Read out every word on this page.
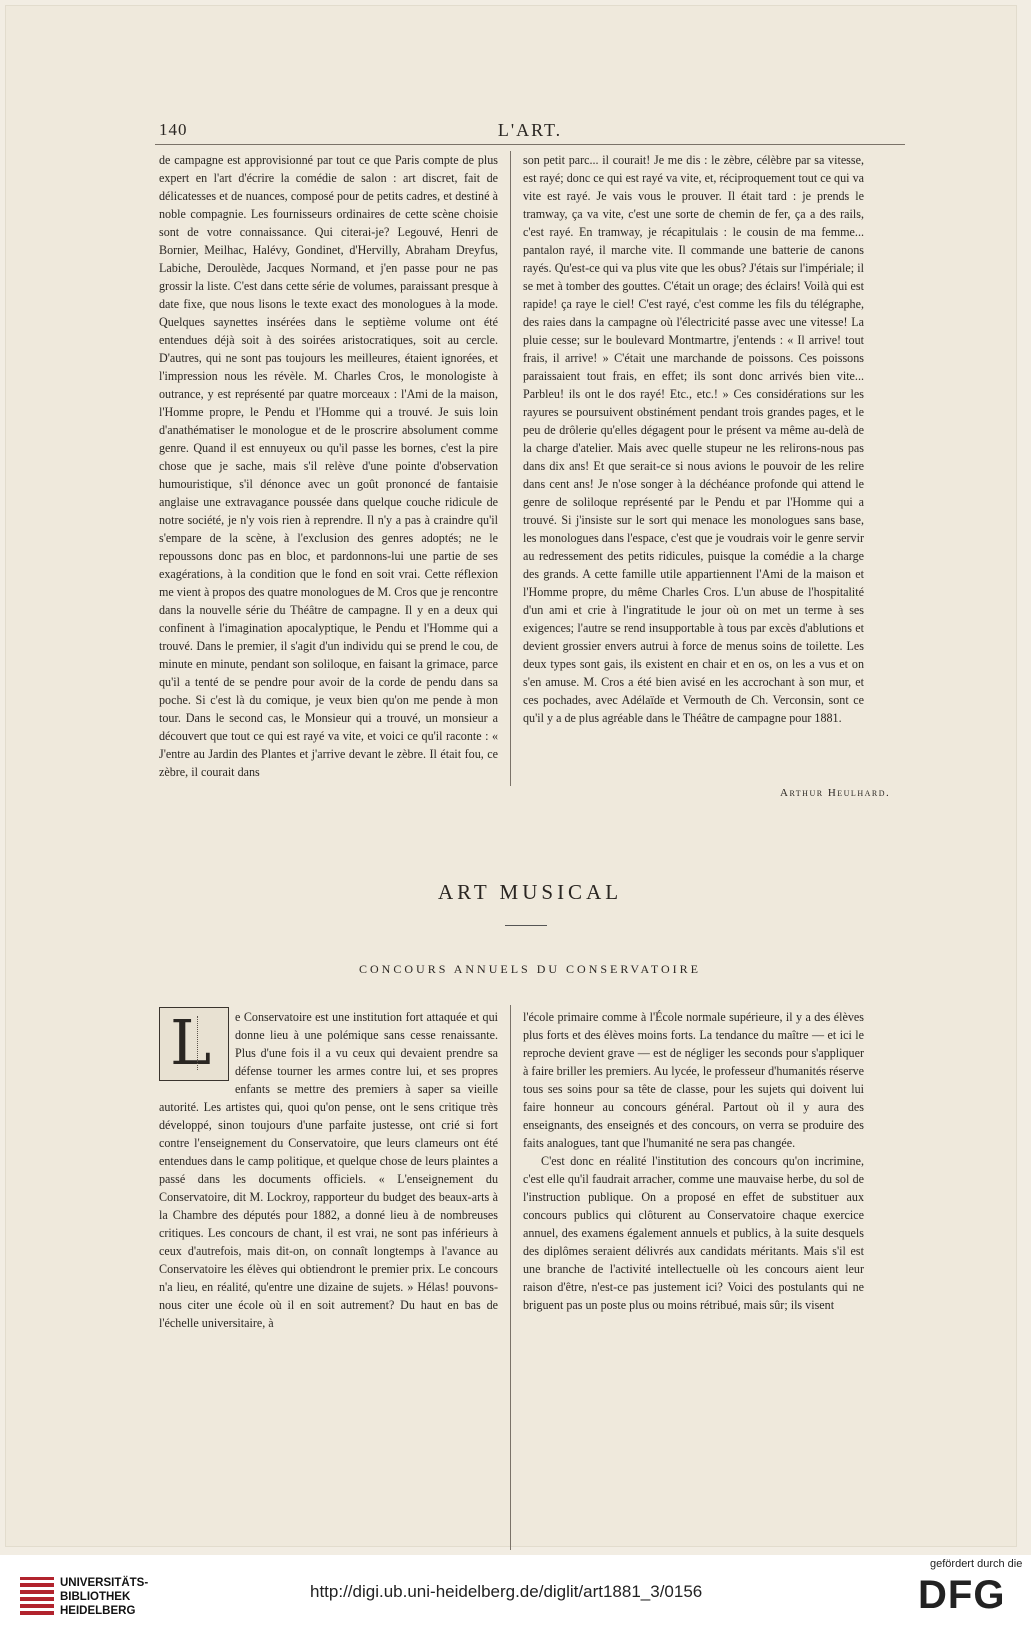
140	L'ART.

de campagne est approvisionné par tout ce que Paris compte de plus expert en l'art d'écrire la comédie de salon : art discret, fait de délicatesses et de nuances, composé pour de petits cadres, et destiné à noble compagnie. Les fournisseurs ordinaires de cette scène choisie sont de votre connaissance. Qui citerai-je? Legouvé, Henri de Bornier, Meilhac, Halévy, Gondinet, d'Hervilly, Abraham Dreyfus, Labiche, Deroulède, Jacques Normand, et j'en passe pour ne pas grossir la liste. C'est dans cette série de volumes, paraissant presque à date fixe, que nous lisons le texte exact des monologues à la mode. Quelques saynettes insérées dans le septième volume ont été entendues déjà soit à des soirées aristocratiques, soit au cercle. D'autres, qui ne sont pas toujours les meilleures, étaient ignorées, et l'impression nous les révèle. M. Charles Cros, le monologiste à outrance, y est représenté par quatre morceaux : l'Ami de la maison, l'Homme propre, le Pendu et l'Homme qui a trouvé. Je suis loin d'anathématiser le monologue et de le proscrire absolument comme genre. Quand il est ennuyeux ou qu'il passe les bornes, c'est la pire chose que je sache, mais s'il relève d'une pointe d'observation humouristique, s'il dénonce avec un goût prononcé de fantaisie anglaise une extravagance poussée dans quelque couche ridicule de notre société, je n'y vois rien à reprendre. Il n'y a pas à craindre qu'il s'empare de la scène, à l'exclusion des genres adoptés; ne le repoussons donc pas en bloc, et pardonnons-lui une partie de ses exagérations, à la condition que le fond en soit vrai. Cette réflexion me vient à propos des quatre monologues de M. Cros que je rencontre dans la nouvelle série du Théâtre de campagne. Il y en a deux qui confinent à l'imagination apocalyptique, le Pendu et l'Homme qui a trouvé. Dans le premier, il s'agit d'un individu qui se prend le cou, de minute en minute, pendant son soliloque, en faisant la grimace, parce qu'il a tenté de se pendre pour avoir de la corde de pendu dans sa poche. Si c'est là du comique, je veux bien qu'on me pende à mon tour. Dans le second cas, le Monsieur qui a trouvé, un monsieur a découvert que tout ce qui est rayé va vite, et voici ce qu'il raconte : « J'entre au Jardin des Plantes et j'arrive devant le zèbre. Il était fou, ce zèbre, il courait dans

son petit parc... il courait! Je me dis : le zèbre, célèbre par sa vitesse, est rayé; donc ce qui est rayé va vite, et, réciproquement tout ce qui va vite est rayé. Je vais vous le prouver. Il était tard : je prends le tramway, ça va vite, c'est une sorte de chemin de fer, ça a des rails, c'est rayé. En tramway, je récapitulais : le cousin de ma femme... pantalon rayé, il marche vite. Il commande une batterie de canons rayés. Qu'est-ce qui va plus vite que les obus? J'étais sur l'impériale; il se met à tomber des gouttes. C'était un orage; des éclairs! Voilà qui est rapide! ça raye le ciel! C'est rayé, c'est comme les fils du télégraphe, des raies dans la campagne où l'électricité passe avec une vitesse! La pluie cesse; sur le boulevard Montmartre, j'entends : « Il arrive! tout frais, il arrive! » C'était une marchande de poissons. Ces poissons paraissaient tout frais, en effet; ils sont donc arrivés bien vite... Parbleu! ils ont le dos rayé! Etc., etc.! » Ces considérations sur les rayures se poursuivent obstinément pendant trois grandes pages, et le peu de drôlerie qu'elles dégagent pour le présent va même au-delà de la charge d'atelier. Mais avec quelle stupeur ne les relirons-nous pas dans dix ans! Et que serait-ce si nous avions le pouvoir de les relire dans cent ans! Je n'ose songer à la déchéance profonde qui attend le genre de soliloque représenté par le Pendu et par l'Homme qui a trouvé. Si j'insiste sur le sort qui menace les monologues sans base, les monologues dans l'espace, c'est que je voudrais voir le genre servir au redressement des petits ridicules, puisque la comédie a la charge des grands. A cette famille utile appartiennent l'Ami de la maison et l'Homme propre, du même Charles Cros. L'un abuse de l'hospitalité d'un ami et crie à l'ingratitude le jour où on met un terme à ses exigences; l'autre se rend insupportable à tous par excès d'ablutions et devient grossier envers autrui à force de menus soins de toilette. Les deux types sont gais, ils existent en chair et en os, on les a vus et on s'en amuse. M. Cros a été bien avisé en les accrochant à son mur, et ces pochades, avec Adélaïde et Vermouth de Ch. Verconsin, sont ce qu'il y a de plus agréable dans le Théâtre de campagne pour 1881.

Arthur Heulhard.
ART MUSICAL
CONCOURS ANNUELS DU CONSERVATOIRE
L	e Conservatoire est une institution fort attaquée et qui donne lieu à une polémique sans cesse renaissante. Plus d'une fois il a vu ceux qui devaient prendre sa défense tourner les armes contre lui, et ses propres enfants se mettre des premiers à saper sa vieille autorité. Les artistes qui, quoi qu'on pense, ont le sens critique très développé, sinon toujours d'une parfaite justesse, ont crié si fort contre l'enseignement du Conservatoire, que leurs clameurs ont été entendues dans le camp politique, et quelque chose de leurs plaintes a passé dans les documents officiels. « L'enseignement du Conservatoire, dit M. Lockroy, rapporteur du budget des beaux-arts à la Chambre des députés pour 1882, a donné lieu à de nombreuses critiques. Les concours de chant, il est vrai, ne sont pas inférieurs à ceux d'autrefois, mais dit-on, on connaît longtemps à l'avance au Conservatoire les élèves qui obtiendront le premier prix. Le concours n'a lieu, en réalité, qu'entre une dizaine de sujets. » Hélas! pouvons-nous citer une école où il en soit autrement? Du haut en bas de l'échelle universitaire, à

l'école primaire comme à l'École normale supérieure, il y a des élèves plus forts et des élèves moins forts. La tendance du maître — et ici le reproche devient grave — est de négliger les seconds pour s'appliquer à faire briller les premiers. Au lycée, le professeur d'humanités réserve tous ses soins pour sa tête de classe, pour les sujets qui doivent lui faire honneur au concours général. Partout où il y aura des enseignants, des enseignés et des concours, on verra se produire des faits analogues, tant que l'humanité ne sera pas changée.

C'est donc en réalité l'institution des concours qu'on incrimine, c'est elle qu'il faudrait arracher, comme une mauvaise herbe, du sol de l'instruction publique. On a proposé en effet de substituer aux concours publics qui clôturent au Conservatoire chaque exercice annuel, des examens également annuels et publics, à la suite desquels des diplômes seraient délivrés aux candidats méritants. Mais s'il est une branche de l'activité intellectuelle où les concours aient leur raison d'être, n'est-ce pas justement ici? Voici des postulants qui ne briguent pas un poste plus ou moins rétribué, mais sûr; ils visent

UNIVERSITÄTS-
BIBLIOTHEK
HEIDELBERG
http://digi.ub.uni-heidelberg.de/diglit/art1881_3/0156
gefördert durch die
DFG
